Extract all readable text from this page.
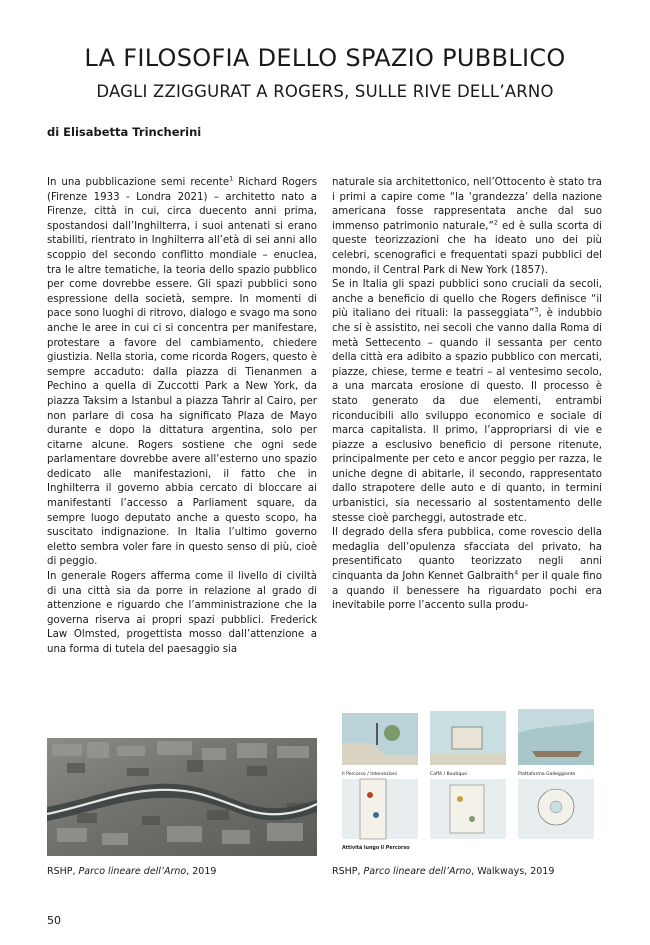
LA FILOSOFIA DELLO SPAZIO PUBBLICO
DAGLI ZZIGGURAT A ROGERS, SULLE RIVE DELL’ARNO
di Elisabetta Trincherini

In una pubblicazione semi recente$^1$ Richard Rogers (Firenze 1933 - Londra 2021) – architetto nato a Firenze, città in cui, circa duecento anni prima, spostandosi dall’Inghilterra, i suoi antenati si erano stabiliti, rientrato in Inghilterra all’età di sei anni allo scoppio del secondo conflitto mondiale – enuclea, tra le altre tematiche, la teoria dello spazio pubblico per come dovrebbe essere. Gli spazi pubblici sono espressione della società, sempre. In momenti di pace sono luoghi di ritrovo, dialogo e svago ma sono anche le aree in cui ci si concentra per manifestare, protestare a favore del cambiamento, chiedere giustizia. Nella storia, come ricorda Rogers, questo è sempre accaduto: dalla piazza di Tienanmen a Pechino a quella di Zuccotti Park a New York, da piazza Taksim a Istanbul a piazza Tahrir al Cairo, per non parlare di cosa ha significato Plaza de Mayo durante e dopo la dittatura argentina, solo per citarne alcune. Rogers sostiene che ogni sede parlamentare dovrebbe avere all’esterno uno spazio dedicato alle manifestazioni, il fatto che in Inghilterra il governo abbia cercato di bloccare ai manifestanti l’accesso a Parliament square, da sempre luogo deputato anche a questo scopo, ha suscitato indignazione. In Italia l’ultimo governo eletto sembra voler fare in questo senso di più, cioè di peggio.

In generale Rogers afferma come il livello di civiltà di una città sia da porre in relazione al grado di attenzione e riguardo che l’amministrazione che la governa riserva ai propri spazi pubblici. Frederick Law Olmsted, progettista mosso dall’attenzione a una forma di tutela del paesaggio sia

naturale sia architettonico, nell’Ottocento è stato tra i primi a capire come “la ‘grandezza’ della nazione americana fosse rappresentata anche dal suo immenso patrimonio naturale,”$^2$ ed è sulla scorta di queste teorizzazioni che ha ideato uno dei più celebri, scenografici e frequentati spazi pubblici del mondo, il Central Park di New York (1857).

Se in Italia gli spazi pubblici sono cruciali da secoli, anche a beneficio di quello che Rogers definisce “il più italiano dei rituali: la passeggiata”$^3$, è indubbio che si è assistito, nei secoli che vanno dalla Roma di metà Settecento – quando il sessanta per cento della città era adibito a spazio pubblico con mercati, piazze, chiese, terme e teatri – al ventesimo secolo, a una marcata erosione di questo. Il processo è stato generato da due elementi, entrambi riconducibili allo sviluppo economico e sociale di marca capitalista. Il primo, l’appropriarsi di vie e piazze a esclusivo beneficio di persone ritenute, principalmente per ceto e ancor peggio per razza, le uniche degne di abitarle, il secondo, rappresentato dallo strapotere delle auto e di quanto, in termini urbanistici, sia necessario al sostentamento delle stesse cioè parcheggi, autostrade etc.

Il degrado della sfera pubblica, come rovescio della medaglia dell’opulenza sfacciata del privato, ha presentificato quanto teorizzato negli anni cinquanta da John Kennet Galbraith$^4$ per il quale fino a quando il benessere ha riguardato pochi era inevitabile porre l’accento sulla produ-

Il Percorso / Intersezioni	Caffè / Boutique	Piattaforma Galleggiante
Attività lungo il Percorso
RSHP, Parco lineare dell’Arno, 2019	RSHP, Parco lineare dell’Arno, Walkways, 2019
50
